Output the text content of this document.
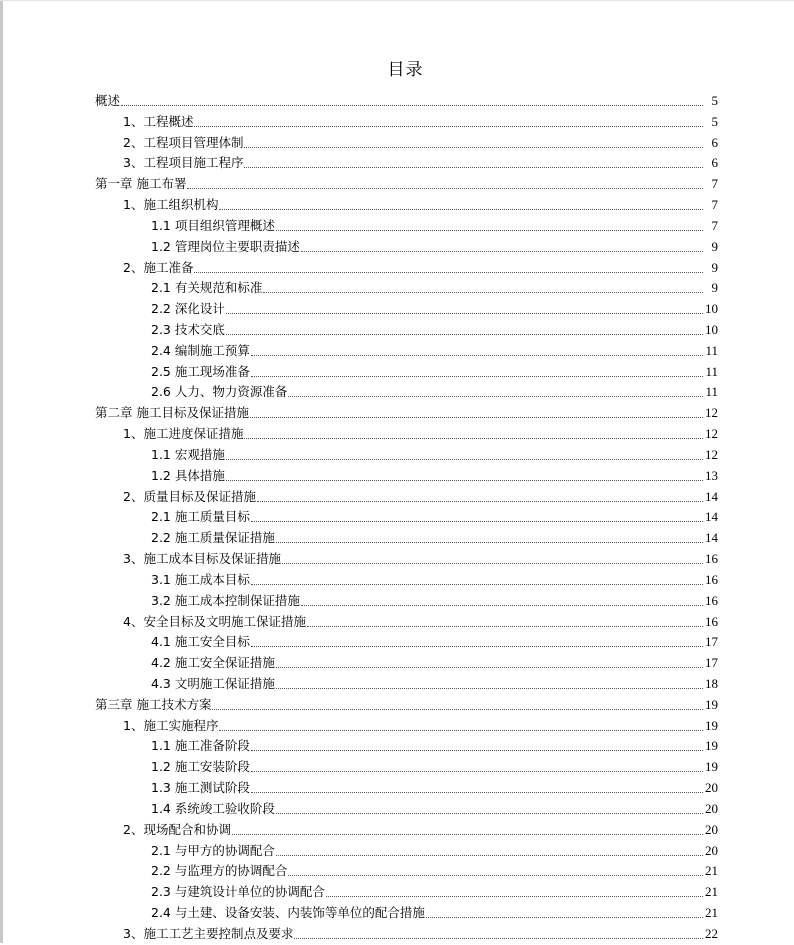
目录
概述	5
1、工程概述	5
2、工程项目管理体制	6
3、工程项目施工程序	6
第一章 施工布署	7
1、施工组织机构	7
1.1 项目组织管理概述	7
1.2 管理岗位主要职责描述	9
2、施工准备	9
2.1 有关规范和标准	9
2.2 深化设计	10
2.3 技术交底	10
2.4 编制施工预算	11
2.5 施工现场准备	11
2.6 人力、物力资源准备	11
第二章 施工目标及保证措施	12
1、施工进度保证措施	12
1.1 宏观措施	12
1.2 具体措施	13
2、质量目标及保证措施	14
2.1 施工质量目标	14
2.2 施工质量保证措施	14
3、施工成本目标及保证措施	16
3.1 施工成本目标	16
3.2 施工成本控制保证措施	16
4、安全目标及文明施工保证措施	16
4.1 施工安全目标	17
4.2 施工安全保证措施	17
4.3 文明施工保证措施	18
第三章 施工技术方案	19
1、施工实施程序	19
1.1 施工准备阶段	19
1.2 施工安装阶段	19
1.3 施工测试阶段	20
1.4 系统竣工验收阶段	20
2、现场配合和协调	20
2.1 与甲方的协调配合	20
2.2 与监理方的协调配合	21
2.3 与建筑设计单位的协调配合	21
2.4 与土建、设备安装、内装饰等单位的配合措施	21
3、施工工艺主要控制点及要求	22
